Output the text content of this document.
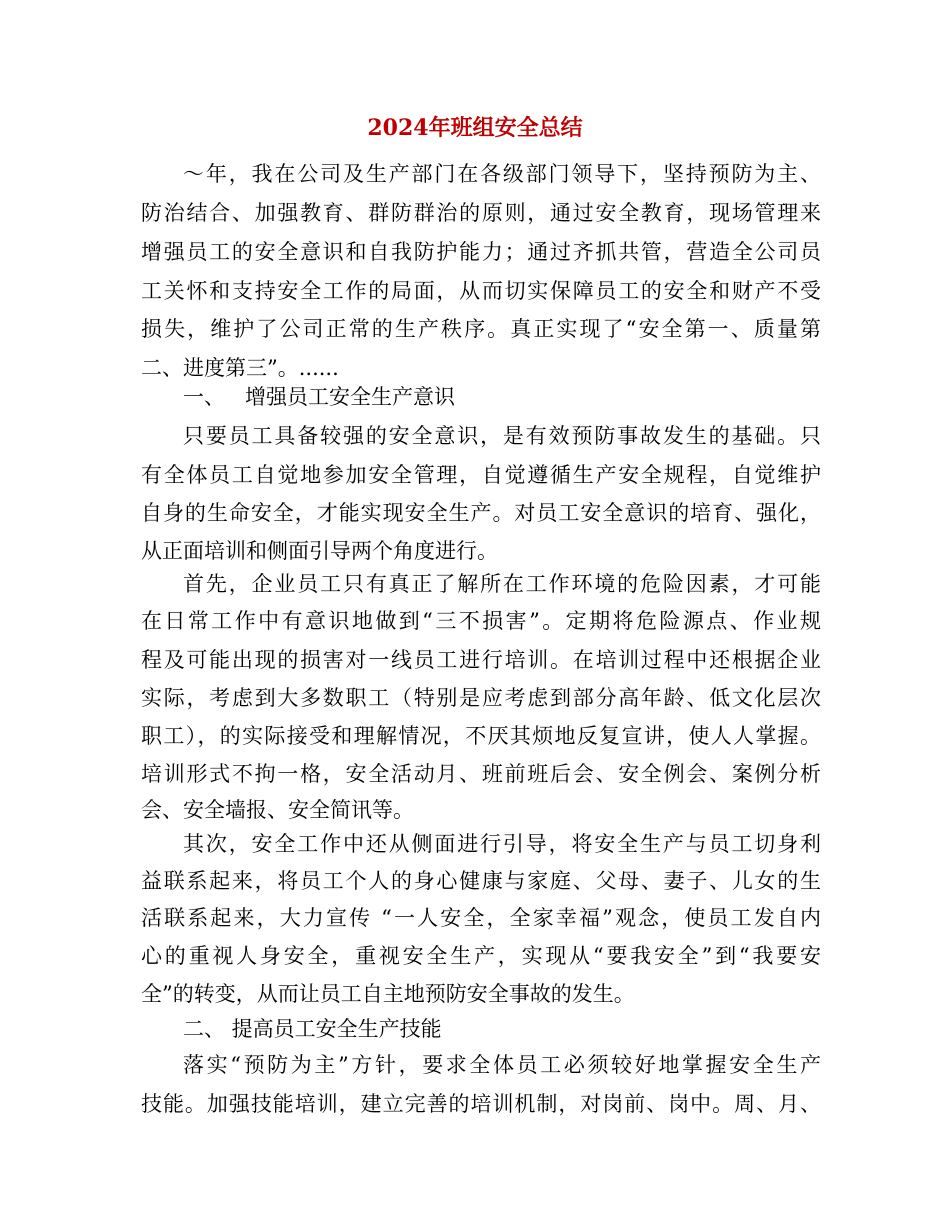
2024年班组安全总结
～年，我在公司及生产部门在各级部门领导下，坚持预防为主、
防治结合、加强教育、群防群治的原则，通过安全教育，现场管理来
增强员工的安全意识和自我防护能力；通过齐抓共管，营造全公司员
工关怀和支持安全工作的局面，从而切实保障员工的安全和财产不受
损失，维护了公司正常的生产秩序。真正实现了“安全第一、质量第
二、进度第三”。......
一、   增强员工安全生产意识
只要员工具备较强的安全意识，是有效预防事故发生的基础。只
有全体员工自觉地参加安全管理，自觉遵循生产安全规程，自觉维护
自身的生命安全，才能实现安全生产。对员工安全意识的培育、强化，
从正面培训和侧面引导两个角度进行。
首先，企业员工只有真正了解所在工作环境的危险因素，才可能
在日常工作中有意识地做到“三不损害”。定期将危险源点、作业规
程及可能出现的损害对一线员工进行培训。在培训过程中还根据企业
实际，考虑到大多数职工（特别是应考虑到部分高年龄、低文化层次
职工），的实际接受和理解情况，不厌其烦地反复宣讲，使人人掌握。
培训形式不拘一格，安全活动月、班前班后会、安全例会、案例分析
会、安全墙报、安全简讯等。
其次，安全工作中还从侧面进行引导，将安全生产与员工切身利
益联系起来，将员工个人的身心健康与家庭、父母、妻子、儿女的生
活联系起来，大力宣传 “一人安全，全家幸福”观念，使员工发自内
心的重视人身安全，重视安全生产，实现从“要我安全”到“我要安
全”的转变，从而让员工自主地预防安全事故的发生。
二、 提高员工安全生产技能
落实“预防为主”方针，要求全体员工必须较好地掌握安全生产
技能。加强技能培训，建立完善的培训机制，对岗前、岗中。周、月、
